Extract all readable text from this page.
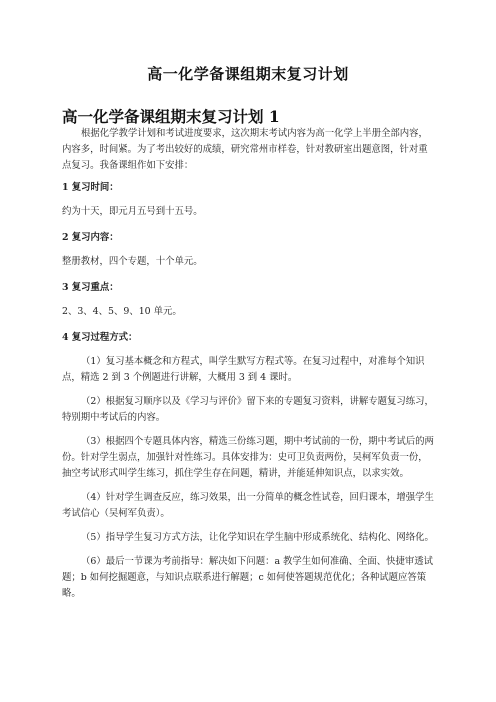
高一化学备课组期末复习计划
高一化学备课组期末复习计划 1

根据化学教学计划和考试进度要求，这次期末考试内容为高一化学上半册全部内容，内容多，时间紧。为了考出较好的成绩，研究常州市样卷，针对教研室出题意图，针对重点复习。我备课组作如下安排：

1 复习时间：

约为十天，即元月五号到十五号。

2 复习内容：

整册教材，四个专题，十个单元。

3 复习重点：

2、3、4、5、9、10 单元。

4 复习过程方式：

（1）复习基本概念和方程式，叫学生默写方程式等。在复习过程中，对准每个知识点，精选 2 到 3 个例题进行讲解，大概用 3 到 4 课时。

（2）根据复习顺序以及《学习与评价》留下来的专题复习资料，讲解专题复习练习，特别期中考试后的内容。

（3）根据四个专题具体内容，精选三份练习题，期中考试前的一份，期中考试后的两份。针对学生弱点，加强针对性练习。具体安排为：史可卫负责两份，吴柯军负责一份，抽空考试形式叫学生练习，抓住学生存在问题，精讲，并能延伸知识点，以求实效。

（4）针对学生调查反应，练习效果，出一分简单的概念性试卷，回归课本，增强学生考试信心（吴柯军负责）。

（5）指导学生复习方式方法，让化学知识在学生脑中形成系统化、结构化、网络化。

（6）最后一节课为考前指导：解决如下问题：a 教学生如何准确、全面、快捷审透试题；b 如何挖掘题意，与知识点联系进行解题；c 如何使答题规范优化；各种试题应答策略。
